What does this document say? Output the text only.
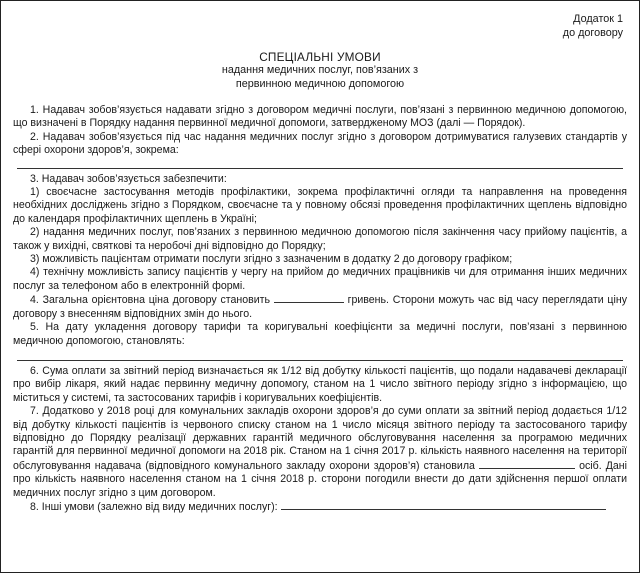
Додаток 1
до договору
СПЕЦІАЛЬНІ УМОВИ
надання медичних послуг, пов’язаних з
первинною медичною допомогою

1. Надавач зобов’язується надавати згідно з договором медичні послуги, пов’язані з первинною медичною допомогою, що визначені в Порядку надання первинної медичної допомоги, затвердженому МОЗ (далі — Порядок).

2. Надавач зобов’язується під час надання медичних послуг згідно з договором дотримуватися галузевих стандартів у сфері охорони здоров’я, зокрема:

3. Надавач зобов’язується забезпечити:

1) своєчасне застосування методів профілактики, зокрема профілактичні огляди та направлення на проведення необхідних досліджень згідно з Порядком, своєчасне та у повному обсязі проведення профілактичних щеплень відповідно до календаря профілактичних щеплень в Україні;

2) надання медичних послуг, пов’язаних з первинною медичною допомогою після закінчення часу прийому пацієнтів, а також у вихідні, святкові та неробочі дні відповідно до Порядку;

3) можливість пацієнтам отримати послуги згідно з зазначеним в додатку 2 до договору графіком;

4) технічну можливість запису пацієнтів у чергу на прийом до медичних працівників чи для отримання інших медичних послуг за телефоном або в електронній формі.

4. Загальна орієнтовна ціна договору становить	гривень. Сторони можуть час від часу переглядати ціну договору з внесенням відповідних змін до нього.

5. На дату укладення договору тарифи та коригувальні коефіцієнти за медичні послуги, пов’язані з первинною медичною допомогою, становлять:

6. Сума оплати за звітний період визначається як 1/12 від добутку кількості пацієнтів, що подали надавачеві декларації про вибір лікаря, який надає первинну медичну допомогу, станом на 1 число звітного періоду згідно з інформацією, що міститься у системі, та застосованих тарифів і коригувальних коефіцієнтів.

7. Додатково у 2018 році для комунальних закладів охорони здоров’я до суми оплати за звітний період додається 1/12 від добутку кількості пацієнтів із червоного списку станом на 1 число місяця звітного періоду та застосованого тарифу відповідно до Порядку реалізації державних гарантій медичного обслуговування населення за програмою медичних гарантій для первинної медичної допомоги на 2018 рік. Станом на 1 січня 2017 р. кількість наявного населення на території обслуговування надавача (відповідного комунального закладу охорони здоров’я) становила	осіб. Дані про кількість наявного населення станом на 1 січня 2018 р. сторони погодили внести до дати здійснення першої оплати медичних послуг згідно з цим договором.

8. Інші умови (залежно від виду медичних послуг):
